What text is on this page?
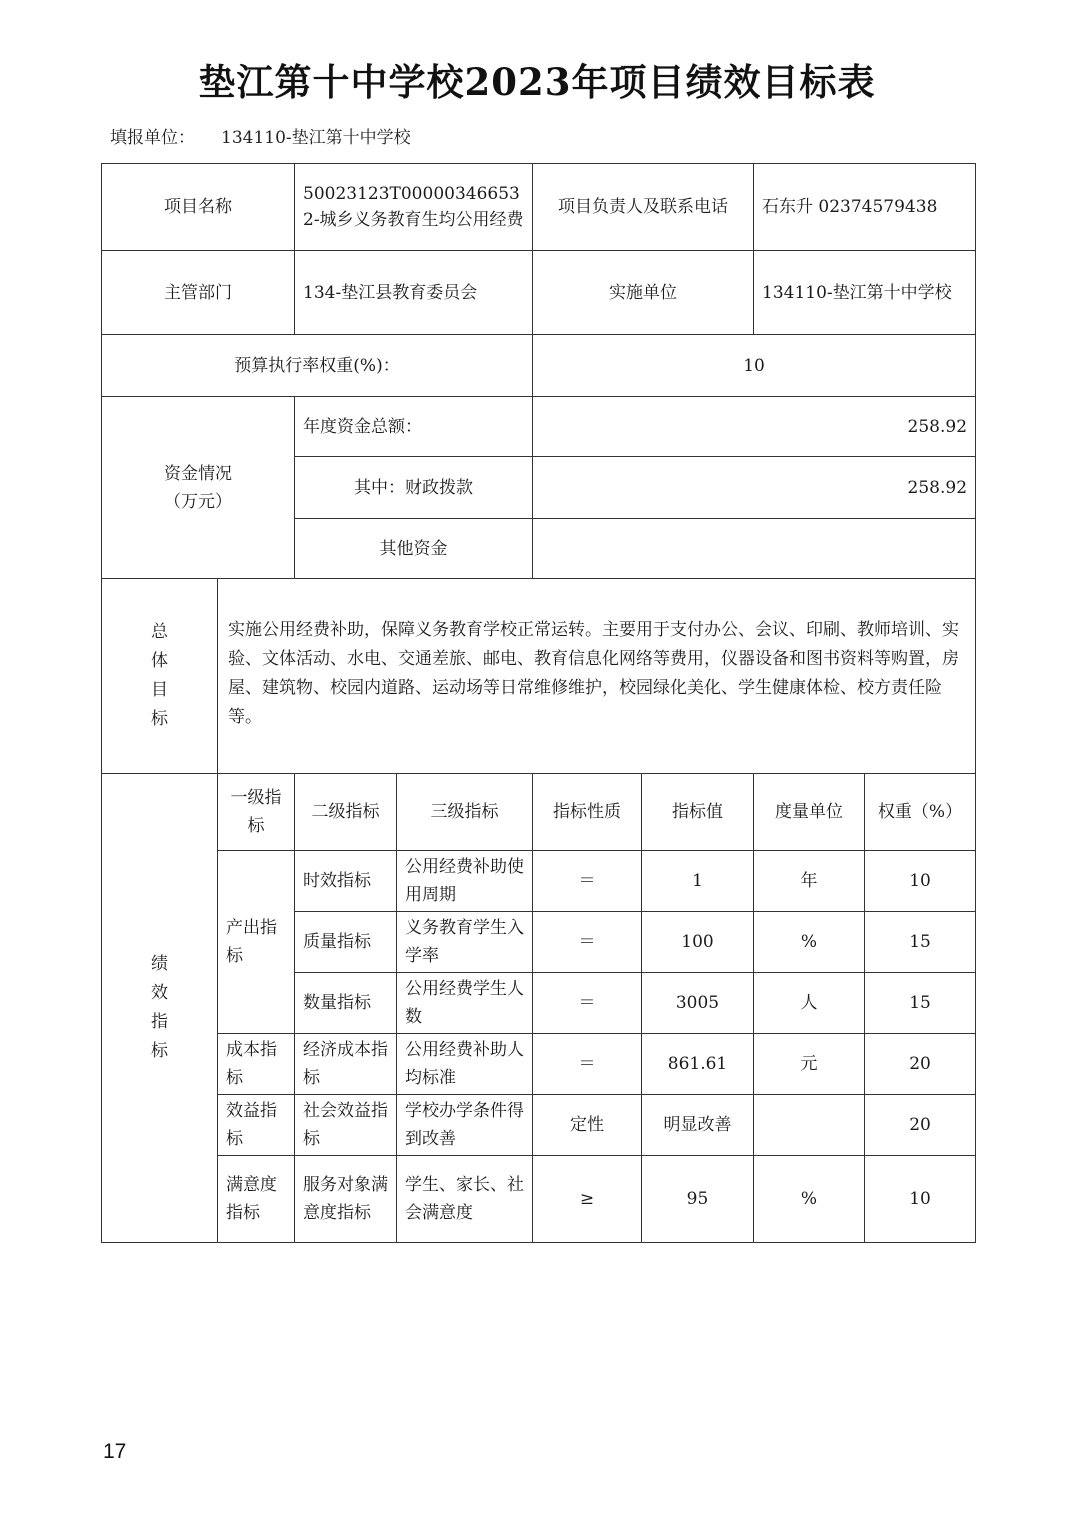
垫江第十中学校2023年项目绩效目标表
填报单位： 134110-垫江第十中学校
项目名称		50023123T000003466532-城乡义务教育生均公用经费		项目负责人及联系电话		石东升 02374579438	
主管部门		134-垫江县教育委员会		实施单位		134110-垫江第十中学校	
预算执行率权重(%)：				10			

资金情况
（万元）		年度资金总额：		258.92			
		其中：财政拨款		258.92			
		其他资金					
总
体
目
标	实施公用经费补助，保障义务教育学校正常运转。主要用于支付办公、会议、印刷、教师培训、实验、文体活动、水电、交通差旅、邮电、教育信息化网络等费用，仪器设备和图书资料等购置，房屋、建筑物、校园内道路、运动场等日常维修维护，校园绿化美化、学生健康体检、校方责任险等。						
绩
效
指
标	一级指标	二级指标	三级指标	指标性质	指标值	度量单位	权重（%）
	产出指标	时效指标	公用经费补助使用周期	＝	1	年	10
		质量指标	义务教育学生入学率	＝	100	%	15
		数量指标	公用经费学生人数	＝	3005	人	15
	成本指标	经济成本指标	公用经费补助人均标准	＝	861.61	元	20
	效益指标	社会效益指标	学校办学条件得到改善	定性	明显改善		20
	满意度指标	服务对象满意度指标	学生、家长、社会满意度	≥	95	%	10
17
